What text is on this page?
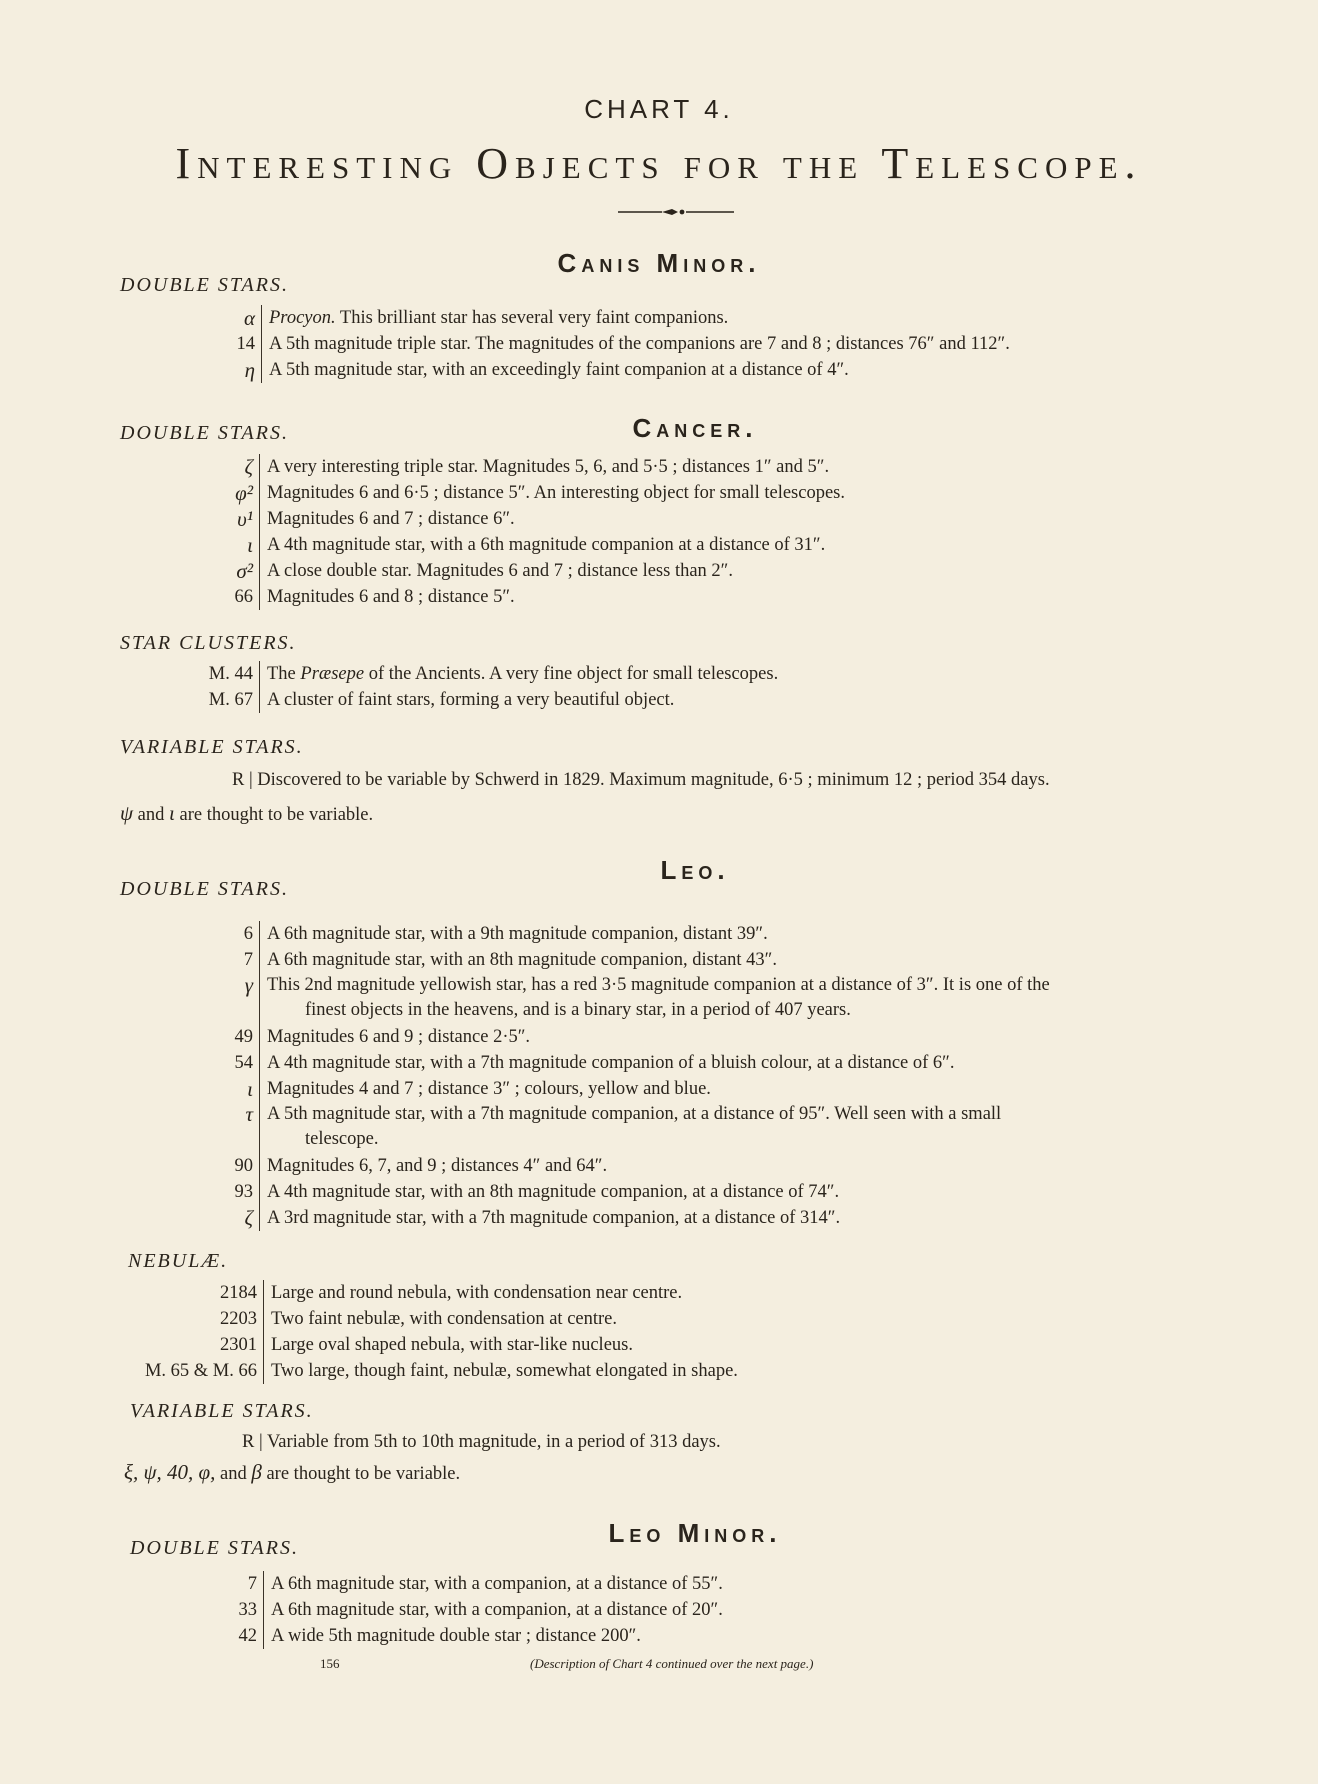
CHART 4.
Interesting Objects for the Telescope.
Canis Minor.
DOUBLE STARS.
α Procyon. This brilliant star has several very faint companions.
14 A 5th magnitude triple star. The magnitudes of the companions are 7 and 8 ; distances 76″ and 112″.
η A 5th magnitude star, with an exceedingly faint companion at a distance of 4″.
Cancer.
DOUBLE STARS.
ζ A very interesting triple star. Magnitudes 5, 6, and 5·5 ; distances 1″ and 5″.
φ² Magnitudes 6 and 6·5 ; distance 5″. An interesting object for small telescopes.
υ¹ Magnitudes 6 and 7 ; distance 6″.
ι A 4th magnitude star, with a 6th magnitude companion at a distance of 31″.
σ² A close double star. Magnitudes 6 and 7 ; distance less than 2″.
66 Magnitudes 6 and 8 ; distance 5″.
STAR CLUSTERS.
M. 44 The Præsepe of the Ancients. A very fine object for small telescopes.
M. 67 A cluster of faint stars, forming a very beautiful object.
VARIABLE STARS.
R | Discovered to be variable by Schwerd in 1829. Maximum magnitude, 6·5 ; minimum 12 ; period 354 days.
ψ and ι are thought to be variable.
Leo.
DOUBLE STARS.
6 A 6th magnitude star, with a 9th magnitude companion, distant 39″.
7 A 6th magnitude star, with an 8th magnitude companion, distant 43″.
γ This 2nd magnitude yellowish star, has a red 3·5 magnitude companion at a distance of 3″. It is one of the
finest objects in the heavens, and is a binary star, in a period of 407 years.
49 Magnitudes 6 and 9 ; distance 2·5″.
54 A 4th magnitude star, with a 7th magnitude companion of a bluish colour, at a distance of 6″.
ι Magnitudes 4 and 7 ; distance 3″ ; colours, yellow and blue.
τ A 5th magnitude star, with a 7th magnitude companion, at a distance of 95″. Well seen with a small
telescope.
90 Magnitudes 6, 7, and 9 ; distances 4″ and 64″.
93 A 4th magnitude star, with an 8th magnitude companion, at a distance of 74″.
ζ A 3rd magnitude star, with a 7th magnitude companion, at a distance of 314″.
NEBULÆ.
2184 Large and round nebula, with condensation near centre.
2203 Two faint nebulæ, with condensation at centre.
2301 Large oval shaped nebula, with star-like nucleus.
M. 65 & M. 66 Two large, though faint, nebulæ, somewhat elongated in shape.
VARIABLE STARS.
R | Variable from 5th to 10th magnitude, in a period of 313 days.
ξ, ψ, 40, φ, and β are thought to be variable.
Leo Minor.
DOUBLE STARS.
7 A 6th magnitude star, with a companion, at a distance of 55″.
33 A 6th magnitude star, with a companion, at a distance of 20″.
42 A wide 5th magnitude double star ; distance 200″.
156	(Description of Chart 4 continued over the next page.)
